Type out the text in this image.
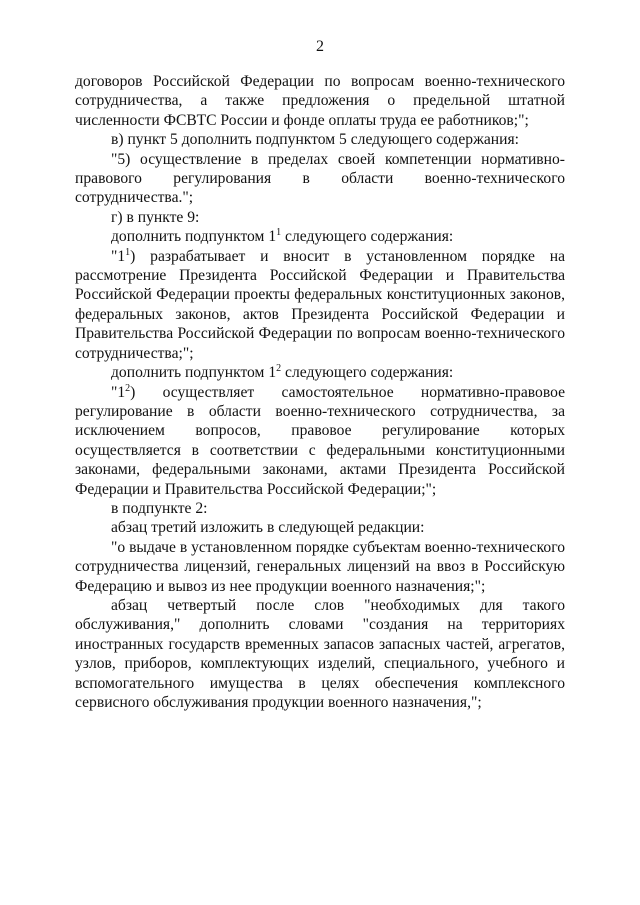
2

договоров Российской Федерации по вопросам военно-технического сотрудничества, а также предложения о предельной штатной численности ФСВТС России и фонде оплаты труда ее работников;";

в) пункт 5 дополнить подпунктом 5 следующего содержания:

"5) осуществление в пределах своей компетенции нормативно-правового регулирования в области военно-технического сотрудничества.";

г) в пункте 9:

дополнить подпунктом $1^1$ следующего содержания:

"$1^1$) разрабатывает и вносит в установленном порядке на рассмотрение Президента Российской Федерации и Правительства Российской Федерации проекты федеральных конституционных законов, федеральных законов, актов Президента Российской Федерации и Правительства Российской Федерации по вопросам военно-технического сотрудничества;";

дополнить подпунктом $1^2$ следующего содержания:

"$1^2$) осуществляет самостоятельное нормативно-правовое регулирование в области военно-технического сотрудничества, за исключением вопросов, правовое регулирование которых осуществляется в соответствии с федеральными конституционными законами, федеральными законами, актами Президента Российской Федерации и Правительства Российской Федерации;";

в подпункте 2:

абзац третий изложить в следующей редакции:

"о выдаче в установленном порядке субъектам военно-технического сотрудничества лицензий, генеральных лицензий на ввоз в Российскую Федерацию и вывоз из нее продукции военного назначения;";

абзац четвертый после слов "необходимых для такого обслуживания," дополнить словами "создания на территориях иностранных государств временных запасов запасных частей, агрегатов, узлов, приборов, комплектующих изделий, специального, учебного и вспомогательного имущества в целях обеспечения комплексного сервисного обслуживания продукции военного назначения,";
